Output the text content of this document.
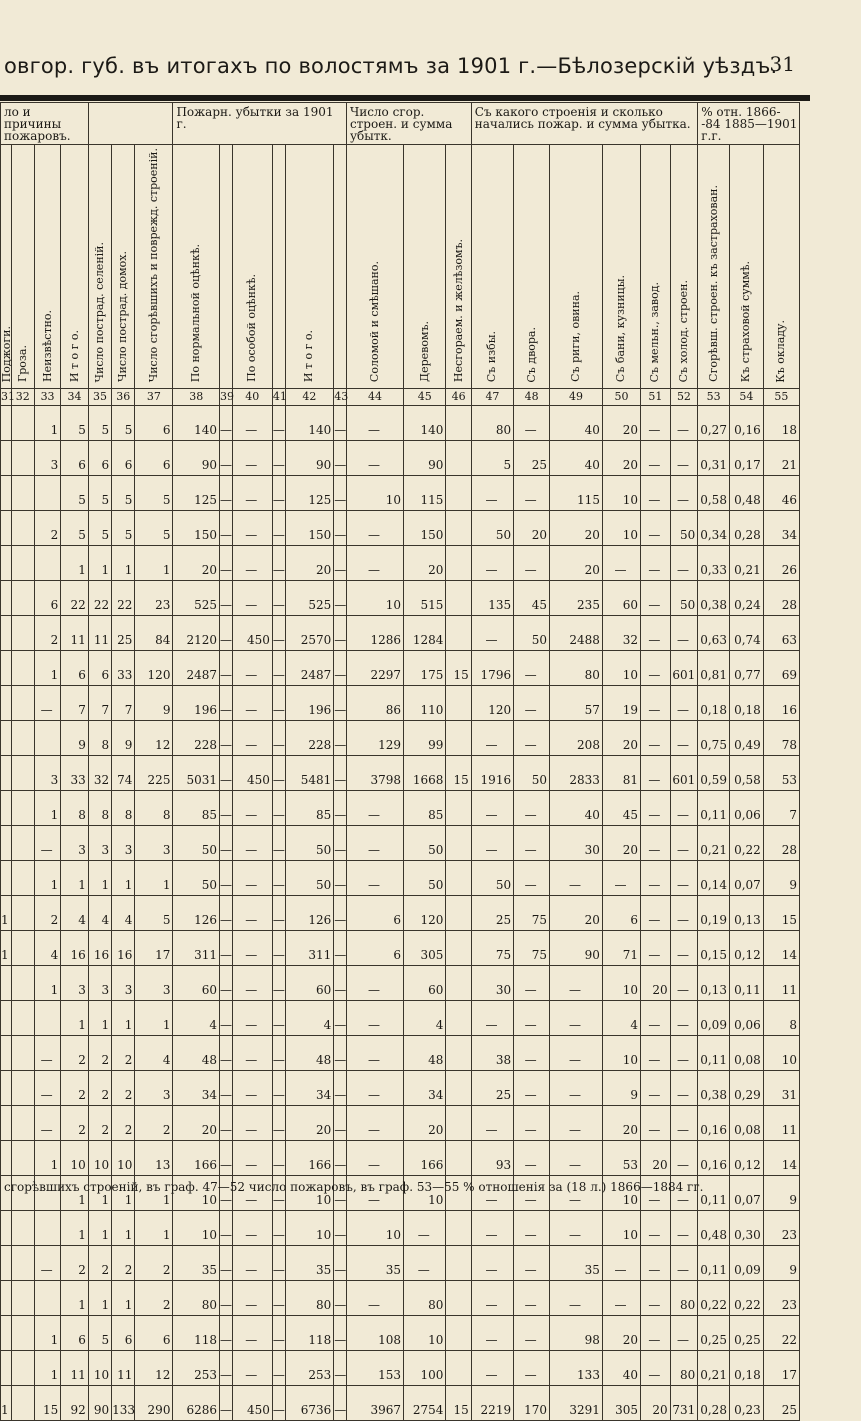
овгор. губ. въ итогахъ по волостямъ за 1901 г.—Бѣлозерскій уѣздъ.
31
ло и причины пожаровъ.							Пожарн. убытки за 1901 г.						Число сгор. строен. и сумма убытк.			Съ какого строенія и сколько начались пожар. и сумма убытка.						% отн. 1866--84 1885—1901 г.г.		
Поджоги.	Гроза.	Неизвѣстно.	И т о г о.	Число пострад. селеній.	Число пострад. домох.	Число сгорѣвшихъ и поврежд. строеній.	По нормальной оцѣнкѣ.		По особой оцѣнкѣ.		И т о г о.		Соломой и смѣшано.	Деревомъ.	Несгораем. и желѣзомъ.	Съ избы.	Съ двора.	Съ риги, овина.	Съ бани, кузницы.	Съ мельн., завод.	Съ холод. строен.	Сгорѣвш. строен. къ застрахован.	Къ страховой суммѣ.	Къ окладу.
31	32	33	34	35	36	37	38	39	40	41	42	43	44	45	46	47	48	49	50	51	52	53	54	55

		1	5	5	5	6	140	—	—	—	140	—	—	140		80	—	40	20	—	—	0,27	0,16	18

		3	6	6	6	6	90	—	—	—	90	—	—	90		5	25	40	20	—	—	0,31	0,17	21

			5	5	5	5	125	—	—	—	125	—	10	115		—	—	115	10	—	—	0,58	0,48	46

		2	5	5	5	5	150	—	—	—	150	—	—	150		50	20	20	10	—	50	0,34	0,28	34

			1	1	1	1	20	—	—	—	20	—	—	20		—	—	20	—	—	—	0,33	0,21	26

		6	22	22	22	23	525	—	—	—	525	—	10	515		135	45	235	60	—	50	0,38	0,24	28

		2	11	11	25	84	2120	—	450	—	2570	—	1286	1284		—	50	2488	32	—	—	0,63	0,74	63

		1	6	6	33	120	2487	—	—	—	2487	—	2297	175	15	1796	—	80	10	—	601	0,81	0,77	69

		—	7	7	7	9	196	—	—	—	196	—	86	110		120	—	57	19	—	—	0,18	0,18	16

			9	8	9	12	228	—	—	—	228	—	129	99		—	—	208	20	—	—	0,75	0,49	78

		3	33	32	74	225	5031	—	450	—	5481	—	3798	1668	15	1916	50	2833	81	—	601	0,59	0,58	53

		1	8	8	8	8	85	—	—	—	85	—	—	85		—	—	40	45	—	—	0,11	0,06	7

		—	3	3	3	3	50	—	—	—	50	—	—	50		—	—	30	20	—	—	0,21	0,22	28

		1	1	1	1	1	50	—	—	—	50	—	—	50		50	—	—	—	—	—	0,14	0,07	9

1		2	4	4	4	5	126	—	—	—	126	—	6	120		25	75	20	6	—	—	0,19	0,13	15

1		4	16	16	16	17	311	—	—	—	311	—	6	305		75	75	90	71	—	—	0,15	0,12	14

		1	3	3	3	3	60	—	—	—	60	—	—	60		30	—	—	10	20	—	0,13	0,11	11

			1	1	1	1	4	—	—	—	4	—	—	4		—	—	—	4	—	—	0,09	0,06	8

		—	2	2	2	4	48	—	—	—	48	—	—	48		38	—	—	10	—	—	0,11	0,08	10

		—	2	2	2	3	34	—	—	—	34	—	—	34		25	—	—	9	—	—	0,38	0,29	31

		—	2	2	2	2	20	—	—	—	20	—	—	20		—	—	—	20	—	—	0,16	0,08	11

		1	10	10	10	13	166	—	—	—	166	—	—	166		93	—	—	53	20	—	0,16	0,12	14

			1	1	1	1	10	—	—	—	10	—	—	10		—	—	—	10	—	—	0,11	0,07	9

			1	1	1	1	10	—	—	—	10	—	10	—		—	—	—	10	—	—	0,48	0,30	23

		—	2	2	2	2	35	—	—	—	35	—	35	—		—	—	35	—	—	—	0,11	0,09	9

			1	1	1	2	80	—	—	—	80	—	—	80		—	—	—	—	—	80	0,22	0,22	23

		1	6	5	6	6	118	—	—	—	118	—	108	10		—	—	98	20	—	—	0,25	0,25	22

		1	11	10	11	12	253	—	—	—	253	—	153	100		—	—	133	40	—	80	0,21	0,18	17

1		15	92	90	133	290	6286	—	450	—	6736	—	3967	2754	15	2219	170	3291	305	20	731	0,28	0,23	25
сгорѣвшихъ строеній, въ граф. 47—52 число пожаровъ, въ граф. 53—55 % отношенія за (18 л.) 1866—1884 гг.
